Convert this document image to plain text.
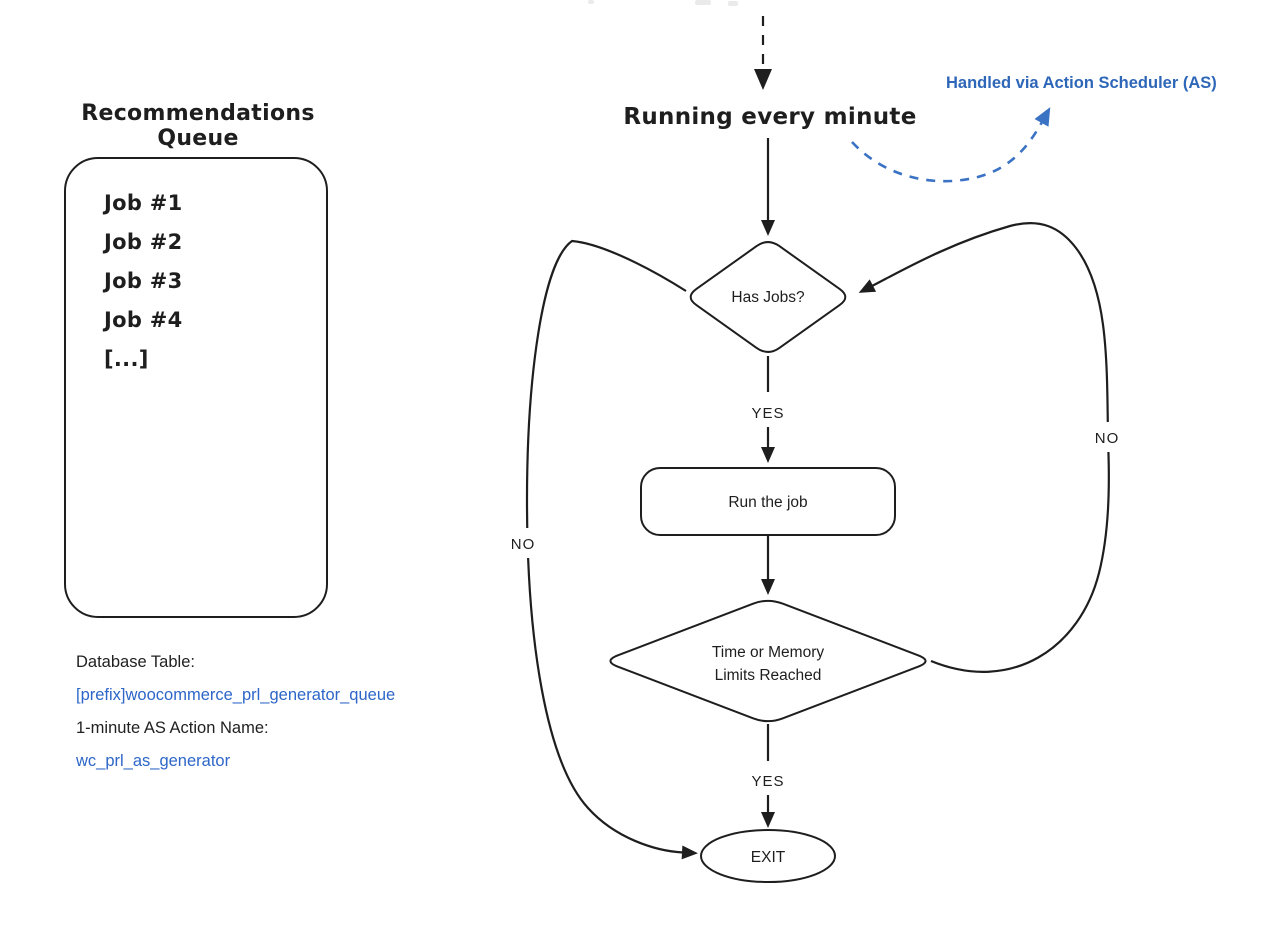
Recommendations Queue
Job #1
Job #2
Job #3
Job #4
[...]
Database Table:
[prefix]woocommerce_prl_generator_queue
1-minute AS Action Name:
wc_prl_as_generator
Running every minute
Handled via Action Scheduler (AS)
Has Jobs?
YES
Run the job
Time or Memory
Limits Reached
YES
EXIT
NO
NO
